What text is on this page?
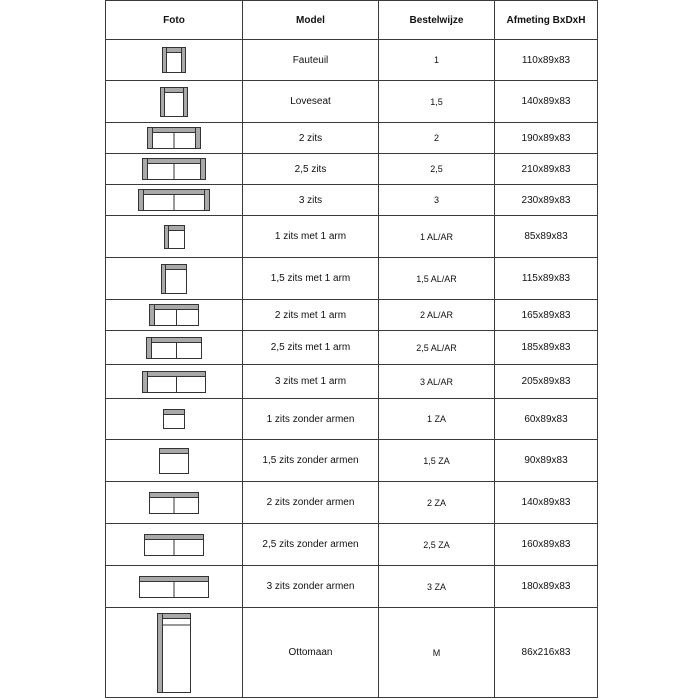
Foto	Model	Bestelwijze	Afmeting BxDxH

	Fauteuil	1	110x89x83

	Loveseat	1,5	140x89x83

	2 zits	2	190x89x83

	2,5 zits	2,5	210x89x83

	3 zits	3	230x89x83

	1 zits met 1 arm	1 AL/AR	85x89x83

	1,5 zits met 1 arm	1,5 AL/AR	115x89x83

	2 zits met 1 arm	2 AL/AR	165x89x83

	2,5 zits met 1 arm	2,5 AL/AR	185x89x83

	3 zits met 1 arm	3 AL/AR	205x89x83

	1 zits zonder armen	1 ZA	60x89x83

	1,5 zits zonder armen	1,5 ZA	90x89x83

	2 zits zonder armen	2 ZA	140x89x83

	2,5 zits zonder armen	2,5 ZA	160x89x83

	3 zits zonder armen	3 ZA	180x89x83

	Ottomaan	M	86x216x83
